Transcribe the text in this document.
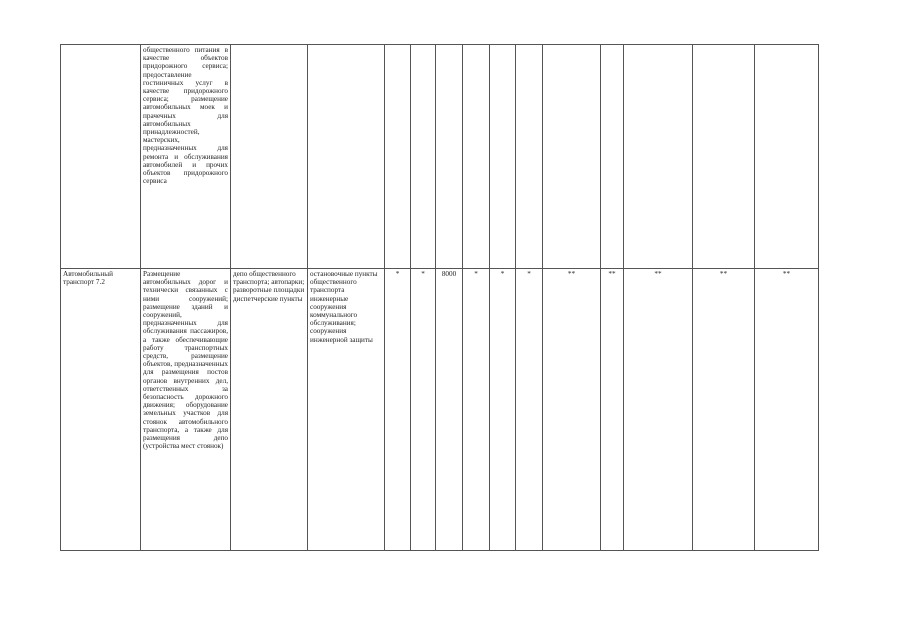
	общественного питания в качестве объектов придорожного сервиса; предоставление гостиничных услуг в качестве придорожного сервиса; размещение автомобильных моек и прачечных для автомобильных принадлежностей, мастерских, предназначенных для ремонта и обслуживания автомобилей и прочих объектов придорожного сервиса													
Автомобильный транспорт 7.2	Размещение автомобильных дорог и технически связанных с ними сооружений; размещение зданий и сооружений, предназначенных для обслуживания пассажиров, а также обеспечивающие работу транспортных средств, размещение объектов, предназначенных для размещения постов органов внутренних дел, ответственных за безопасность дорожного движения; оборудование земельных участков для стоянок автомобильного транспорта, а также для размещения депо (устройства мест стоянок)	депо общественного транспорта; автопарки; разворотные площадки диспетчерские пункты	остановочные пункты общественного транспорта инженерные сооружения коммунального обслуживания; сооружения инженерной защиты	*	*	8000	*	*	*	**	**	**	**	**
